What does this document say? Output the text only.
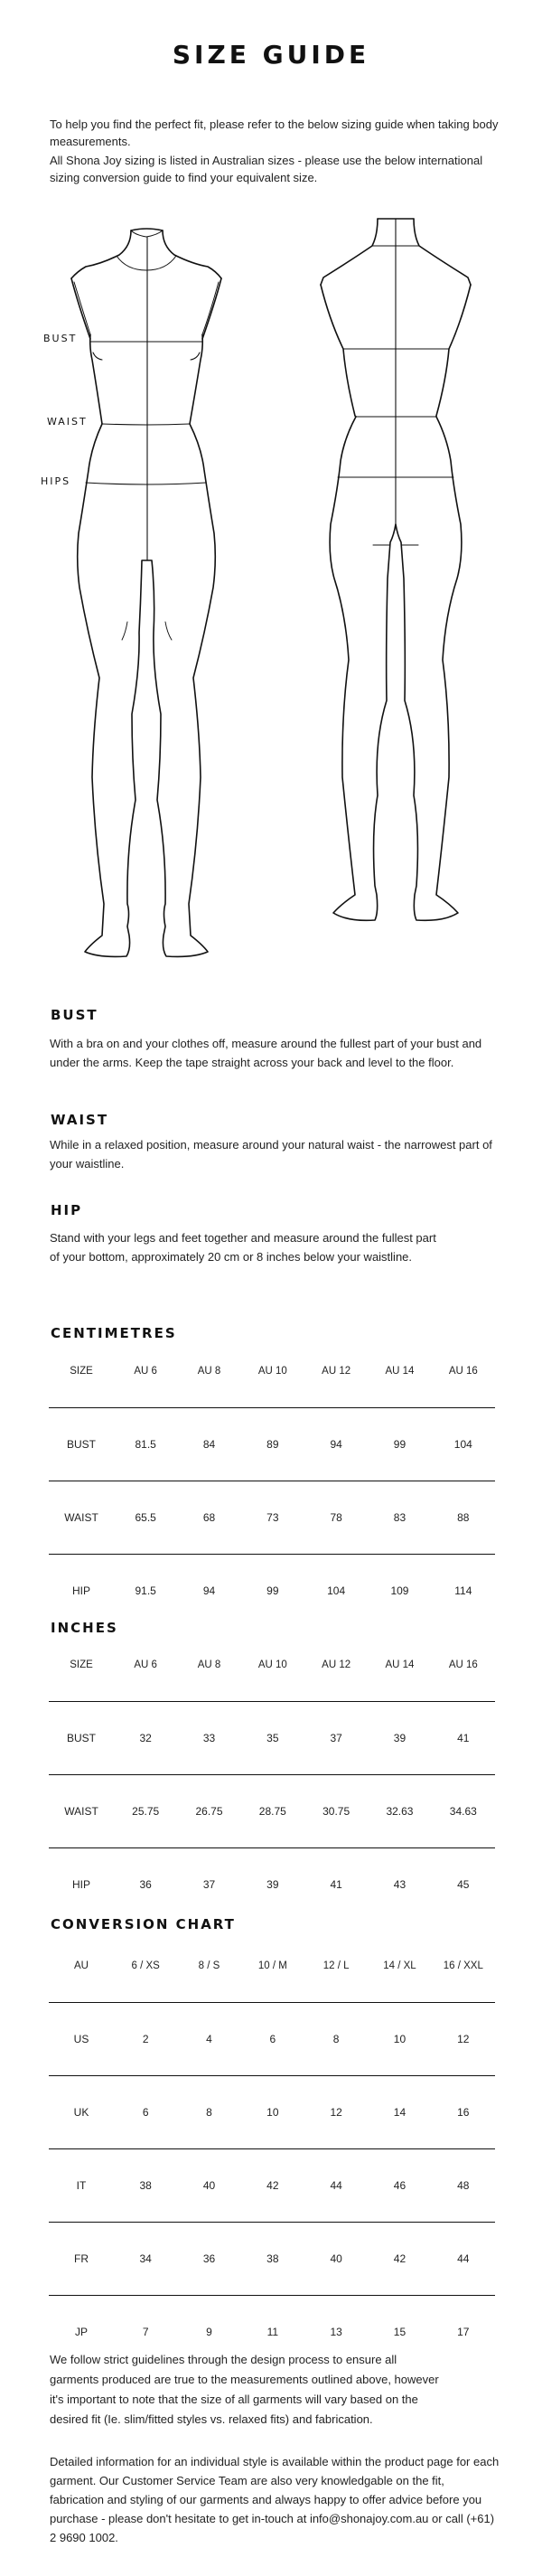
SIZE GUIDE

To help you find the perfect fit, please refer to the below sizing guide when taking body measurements.

All Shona Joy sizing is listed in Australian sizes - please use the below international sizing conversion guide to find your equivalent size.

BUST
WAIST
HIPS
BUST

With a bra on and your clothes off, measure around the fullest part of your bust and under the arms. Keep the tape straight across your back and level to the floor.

WAIST

While in a relaxed position, measure around your natural waist - the narrowest part of your waistline.

HIP

Stand with your legs and feet together and measure around the fullest part of your bottom, approximately 20 cm or 8 inches below your waistline.

CENTIMETRES
SIZE	AU 6	AU 8	AU 10	AU 12	AU 14	AU 16
BUST	81.5	84	89	94	99	104
WAIST	65.5	68	73	78	83	88
HIP	91.5	94	99	104	109	114
INCHES
SIZE	AU 6	AU 8	AU 10	AU 12	AU 14	AU 16
BUST	32	33	35	37	39	41
WAIST	25.75	26.75	28.75	30.75	32.63	34.63
HIP	36	37	39	41	43	45
CONVERSION CHART
AU	6 / XS	8 / S	10 / M	12 / L	14 / XL	16 / XXL
US	2	4	6	8	10	12
UK	6	8	10	12	14	16
IT	38	40	42	44	46	48
FR	34	36	38	40	42	44
JP	7	9	11	13	15	17

We follow strict guidelines through the design process to ensure all garments produced are true to the measurements outlined above, however it's important to note that the size of all garments will vary based on the desired fit (Ie. slim/fitted styles vs. relaxed fits) and fabrication.

Detailed information for an individual style is available within the product page for each garment. Our Customer Service Team are also very knowledgable on the fit, fabrication and styling of our garments and always happy to offer advice before you purchase - please don't hesitate to get in-touch at info@shonajoy.com.au or call (+61) 2 9690 1002.
